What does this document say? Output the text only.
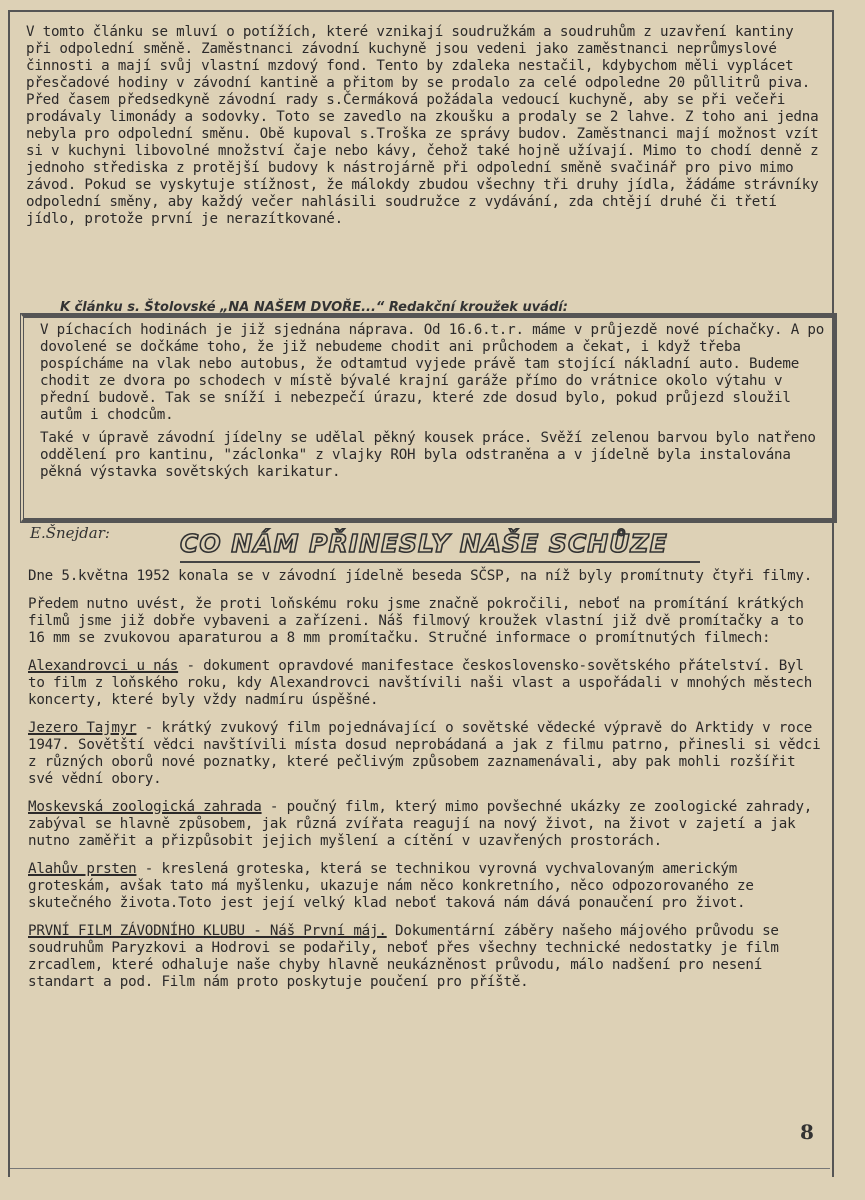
V tomto článku se mluví o potížích, které vznikají soudružkám a soudruhům z uzavření kantiny při odpolední směně. Zaměstnanci závodní kuchyně jsou vedeni jako zaměstnanci neprůmyslové činnosti a mají svůj vlastní mzdový fond. Tento by zdaleka nestačil, kdybychom měli vyplácet přesčadové hodiny v závodní kantině a přitom by se prodalo za celé odpoledne 20 půllitrů piva. Před časem předsedkyně závodní rady s.Čermáková požádala vedoucí kuchyně, aby se při večeři prodávaly limonády a sodovky. Toto se zavedlo na zkoušku a prodaly se 2 lahve. Z toho ani jedna nebyla pro odpolední směnu. Obě kupoval s.Troška ze správy budov. Zaměstnanci mají možnost vzít si v kuchyni libovolné množství čaje nebo kávy, čehož také hojně užívají. Mimo to chodí denně z jednoho střediska z protější budovy k nástrojárně při odpolední směně svačinář pro pivo mimo závod. Pokud se vyskytuje stížnost, že málokdy zbudou všechny tři druhy jídla, žádáme strávníky odpolední směny, aby každý večer nahlásili soudružce z vydávání, zda chtějí druhé či třetí jídlo, protože první je nerazítkované.

K článku s. Štolovské „NA NAŠEM DVOŘE...“ Redakční kroužek uvádí:

V píchacích hodinách je již sjednána náprava. Od 16.6.t.r. máme v průjezdě nové píchačky. A po dovolené se dočkáme toho, že již nebudeme chodit ani průchodem a čekat, i když třeba pospícháme na vlak nebo autobus, že odtamtud vyjede právě tam stojící nákladní auto. Budeme chodit ze dvora po schodech v místě bývalé krajní garáže přímo do vrátnice okolo výtahu v přední budově. Tak se sníží i nebezpečí úrazu, které zde dosud bylo, pokud průjezd sloužil autům i chodcům.

Také v úpravě závodní jídelny se udělal pěkný kousek práce. Svěží zelenou barvou bylo natřeno oddělení pro kantinu, "záclonka" z vlajky ROH byla odstraněna a v jídelně byla instalována pěkná výstavka sovětských karikatur.

E.Šnejdar:	CO NÁM PŘINESLY NAŠE SCHŮZE

Dne 5.května 1952 konala se v závodní jídelně beseda SČSP, na níž byly promítnuty čtyři filmy.

Předem nutno uvést, že proti loňskému roku jsme značně pokročili, neboť na promítání krátkých filmů jsme již dobře vybaveni a zařízeni. Náš filmový kroužek vlastní již dvě promítačky a to 16 mm se zvukovou aparaturou a 8 mm promítačku. Stručné informace o promítnutých filmech:

Alexandrovci u nás - dokument opravdové manifestace československo-sovětského přátelství. Byl to film z loňského roku, kdy Alexandrovci navštívili naši vlast a uspořádali v mnohých městech koncerty, které byly vždy nadmíru úspěšné.

Jezero Tajmyr - krátký zvukový film pojednávající o sovětské vědecké výpravě do Arktidy v roce 1947. Sovětští vědci navštívili místa dosud neprobádaná a jak z filmu patrno, přinesli si vědci z různých oborů nové poznatky, které pečlivým způsobem zaznamenávali, aby pak mohli rozšířit své vědní obory.

Moskevská zoologická zahrada - poučný film, který mimo povšechné ukázky ze zoologické zahrady, zabýval se hlavně způsobem, jak různá zvířata reagují na nový život, na život v zajetí a jak nutno zaměřit a přizpůsobit jejich myšlení a cítění v uzavřených prostorách.

Alahův prsten - kreslená groteska, která se technikou vyrovná vychvalovaným americkým groteskám, avšak tato má myšlenku, ukazuje nám něco konkretního, něco odpozorovaného ze skutečného života.Toto jest její velký klad neboť taková nám dává ponaučení pro život.

PRVNÍ FILM ZÁVODNÍHO KLUBU - Náš První máj. Dokumentární záběry našeho májového průvodu se soudruhům Paryzkovi a Hodrovi se podařily, neboť přes všechny technické nedostatky je film zrcadlem, které odhaluje naše chyby hlavně neukázněnost průvodu, málo nadšení pro nesení standart a pod. Film nám proto poskytuje poučení pro příště.

8
